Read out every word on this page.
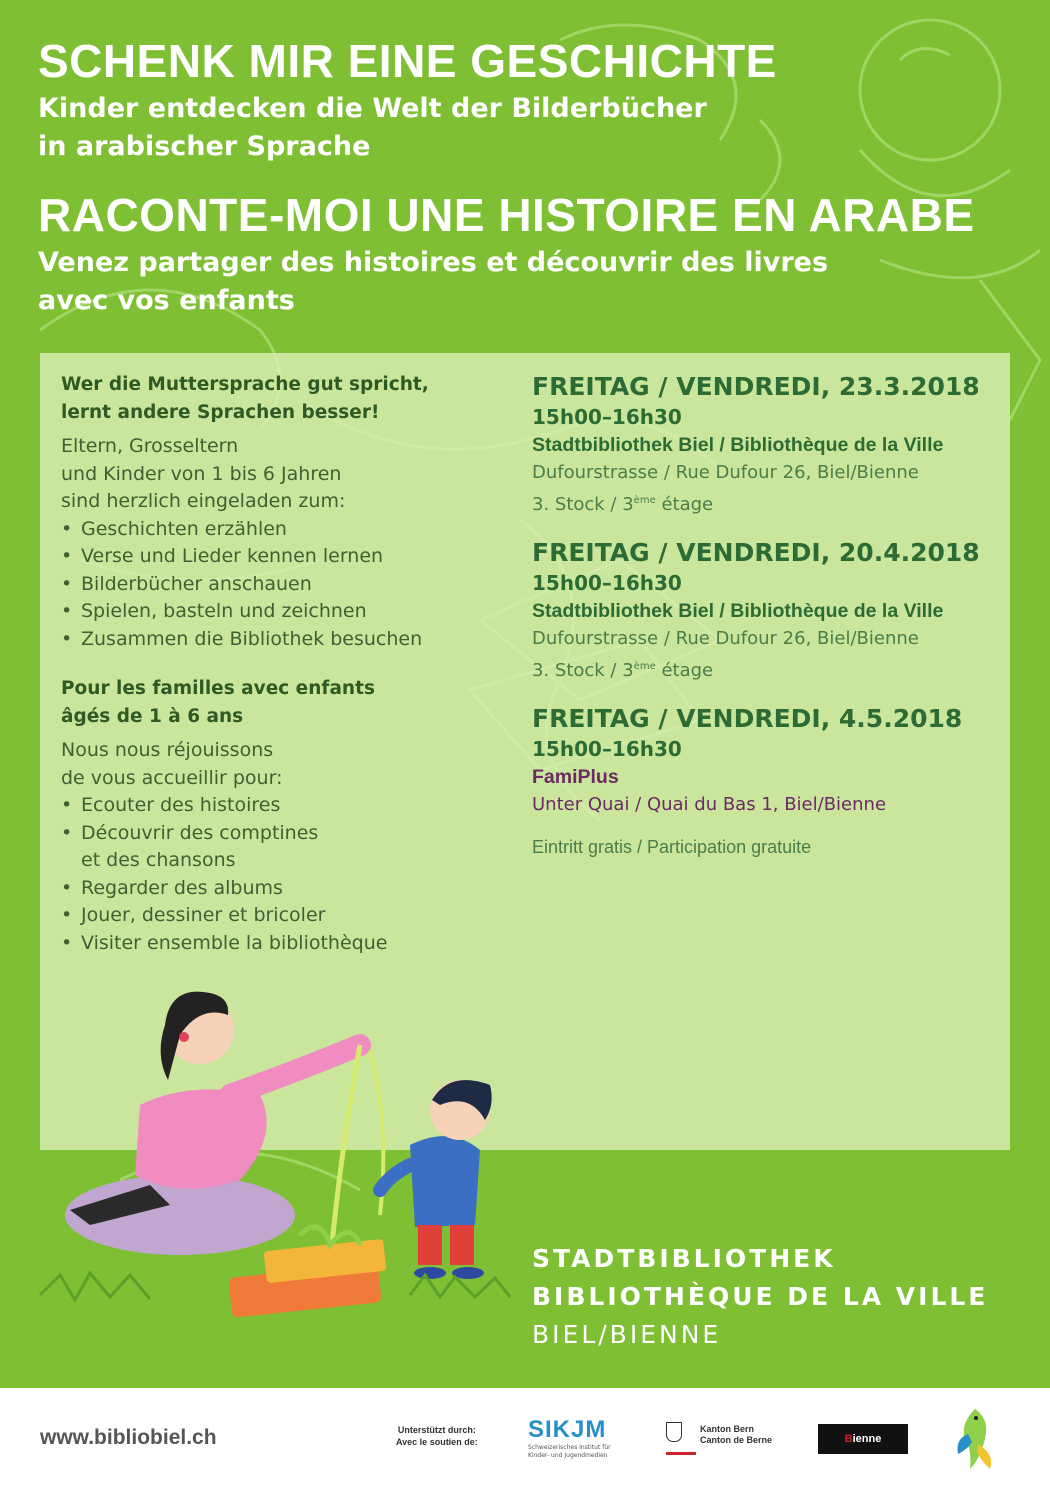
SCHENK MIR EINE GESCHICHTE
Kinder entdecken die Welt der Bilderbücher
in arabischer Sprache
RACONTE-MOI UNE HISTOIRE EN ARABE
Venez partager des histoires et découvrir des livres
avec vos enfants
Wer die Muttersprache gut spricht,
lernt andere Sprachen besser!

Eltern, Grosseltern
und Kinder von 1 bis 6 Jahren
sind herzlich eingeladen zum:

• Geschichten erzählen
• Verse und Lieder kennen lernen
• Bilderbücher anschauen
• Spielen, basteln und zeichnen
• Zusammen die Bibliothek besuchen
Pour les familles avec enfants
âgés de 1 à 6 ans

Nous nous réjouissons
de vous accueillir pour:

• Ecouter des histoires
• Découvrir des comptines
et des chansons
• Regarder des albums
• Jouer, dessiner et bricoler
• Visiter ensemble la bibliothèque

FREITAG / VENDREDI, 23.3.2018

15h00–16h30

Stadtbibliothek Biel / Bibliothèque de la Ville

Dufourstrasse / Rue Dufour 26, Biel/Bienne

3. Stock / 3ème étage

FREITAG / VENDREDI, 20.4.2018

15h00–16h30

Stadtbibliothek Biel / Bibliothèque de la Ville

Dufourstrasse / Rue Dufour 26, Biel/Bienne

3. Stock / 3ème étage

FREITAG / VENDREDI, 4.5.2018

15h00–16h30

FamiPlus

Unter Quai / Quai du Bas 1, Biel/Bienne

Eintritt gratis / Participation gratuite

STADTBIBLIOTHEK
BIBLIOTHÈQUE DE LA VILLE
BIEL/BIENNE
www.bibliobiel.ch	Unterstützt durch:
Avec le soutien de: SIKJM
Schweizerisches Institut für Kinder- und Jugendmedien
Kanton Bern
Canton de Berne	Bienne
